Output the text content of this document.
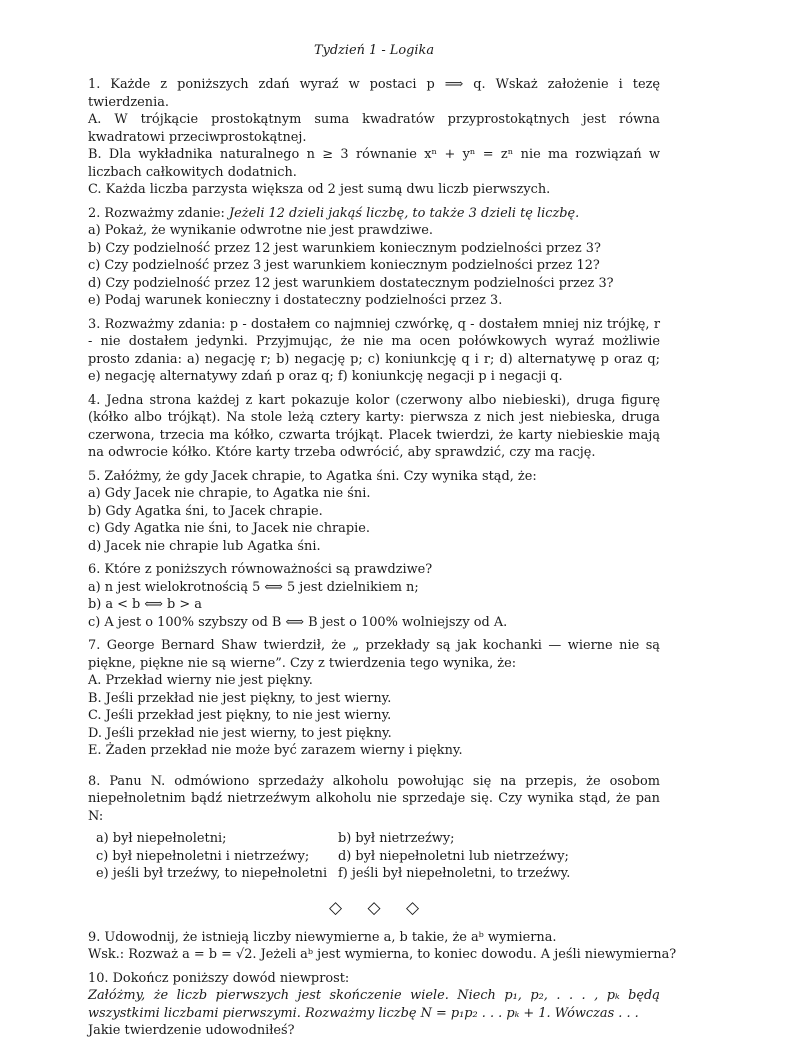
Tydzień 1 - Logika

1. Każde z poniższych zdań wyraź w postaci p ⟹ q. Wskaż założenie i tezę twierdzenia.

A. W trójkącie prostokątnym suma kwadratów przyprostokątnych jest równa kwadratowi przeciwprostokątnej.

B. Dla wykładnika naturalnego n ≥ 3 równanie xⁿ + yⁿ = zⁿ nie ma rozwiązań w liczbach całkowitych dodatnich.

C. Każda liczba parzysta większa od 2 jest sumą dwu liczb pierwszych.

2. Rozważmy zdanie: Jeżeli 12 dzieli jakąś liczbę, to także 3 dzieli tę liczbę.

a) Pokaż, że wynikanie odwrotne nie jest prawdziwe.

b) Czy podzielność przez 12 jest warunkiem koniecznym podzielności przez 3?

c) Czy podzielność przez 3 jest warunkiem koniecznym podzielności przez 12?

d) Czy podzielność przez 12 jest warunkiem dostatecznym podzielności przez 3?

e) Podaj warunek konieczny i dostateczny podzielności przez 3.

3. Rozważmy zdania: p - dostałem co najmniej czwórkę, q - dostałem mniej niz trójkę, r - nie dostałem jedynki. Przyjmując, że nie ma ocen połówkowych wyraź możliwie prosto zdania: a) negację r; b) negację p; c) koniunkcję q i r; d) alternatywę p oraz q; e) negację alternatywy zdań p oraz q; f) koniunkcję negacji p i negacji q.

4. Jedna strona każdej z kart pokazuje kolor (czerwony albo niebieski), druga figurę (kółko albo trójkąt). Na stole leżą cztery karty: pierwsza z nich jest niebieska, druga czerwona, trzecia ma kółko, czwarta trójkąt. Placek twierdzi, że karty niebieskie mają na odwrocie kółko. Które karty trzeba odwrócić, aby sprawdzić, czy ma rację.

5. Załóżmy, że gdy Jacek chrapie, to Agatka śni. Czy wynika stąd, że:

a) Gdy Jacek nie chrapie, to Agatka nie śni.

b) Gdy Agatka śni, to Jacek chrapie.

c) Gdy Agatka nie śni, to Jacek nie chrapie.

d) Jacek nie chrapie lub Agatka śni.

6. Które z poniższych równoważności są prawdziwe?

a) n jest wielokrotnością 5 ⟺ 5 jest dzielnikiem n;

b) a < b ⟺ b > a

c) A jest o 100% szybszy od B ⟺ B jest o 100% wolniejszy od A.

7. George Bernard Shaw twierdził, że „ przekłady są jak kochanki — wierne nie są piękne, piękne nie są wierne”. Czy z twierdzenia tego wynika, że:

A. Przekład wierny nie jest piękny.

B. Jeśli przekład nie jest piękny, to jest wierny.

C. Jeśli przekład jest piękny, to nie jest wierny.

D. Jeśli przekład nie jest wierny, to jest piękny.

E. Żaden przekład nie może być zarazem wierny i piękny.

8. Panu N. odmówiono sprzedaży alkoholu powołując się na przepis, że osobom niepełnoletnim bądź nietrzeźwym alkoholu nie sprzedaje się. Czy wynika stąd, że pan N:

a) był niepełnoletni;	b) był nietrzeźwy;
c) był niepełnoletni i nietrzeźwy;	d) był niepełnoletni lub nietrzeźwy;
e) jeśli był trzeźwy, to niepełnoletni f) jeśli był niepełnoletni, to trzeźwy.
◇ ◇ ◇

9. Udowodnij, że istnieją liczby niewymierne a, b takie, że aᵇ wymierna.

Wsk.: Rozważ a = b = √2. Jeżeli aᵇ jest wymierna, to koniec dowodu. A jeśli niewymierna?

10. Dokończ poniższy dowód niewprost:

Załóżmy, że liczb pierwszych jest skończenie wiele. Niech p₁, p₂, . . . , pₖ będą wszystkimi liczbami pierwszymi. Rozważmy liczbę N = p₁p₂ . . . pₖ + 1. Wówczas . . .

Jakie twierdzenie udowodniłeś?
